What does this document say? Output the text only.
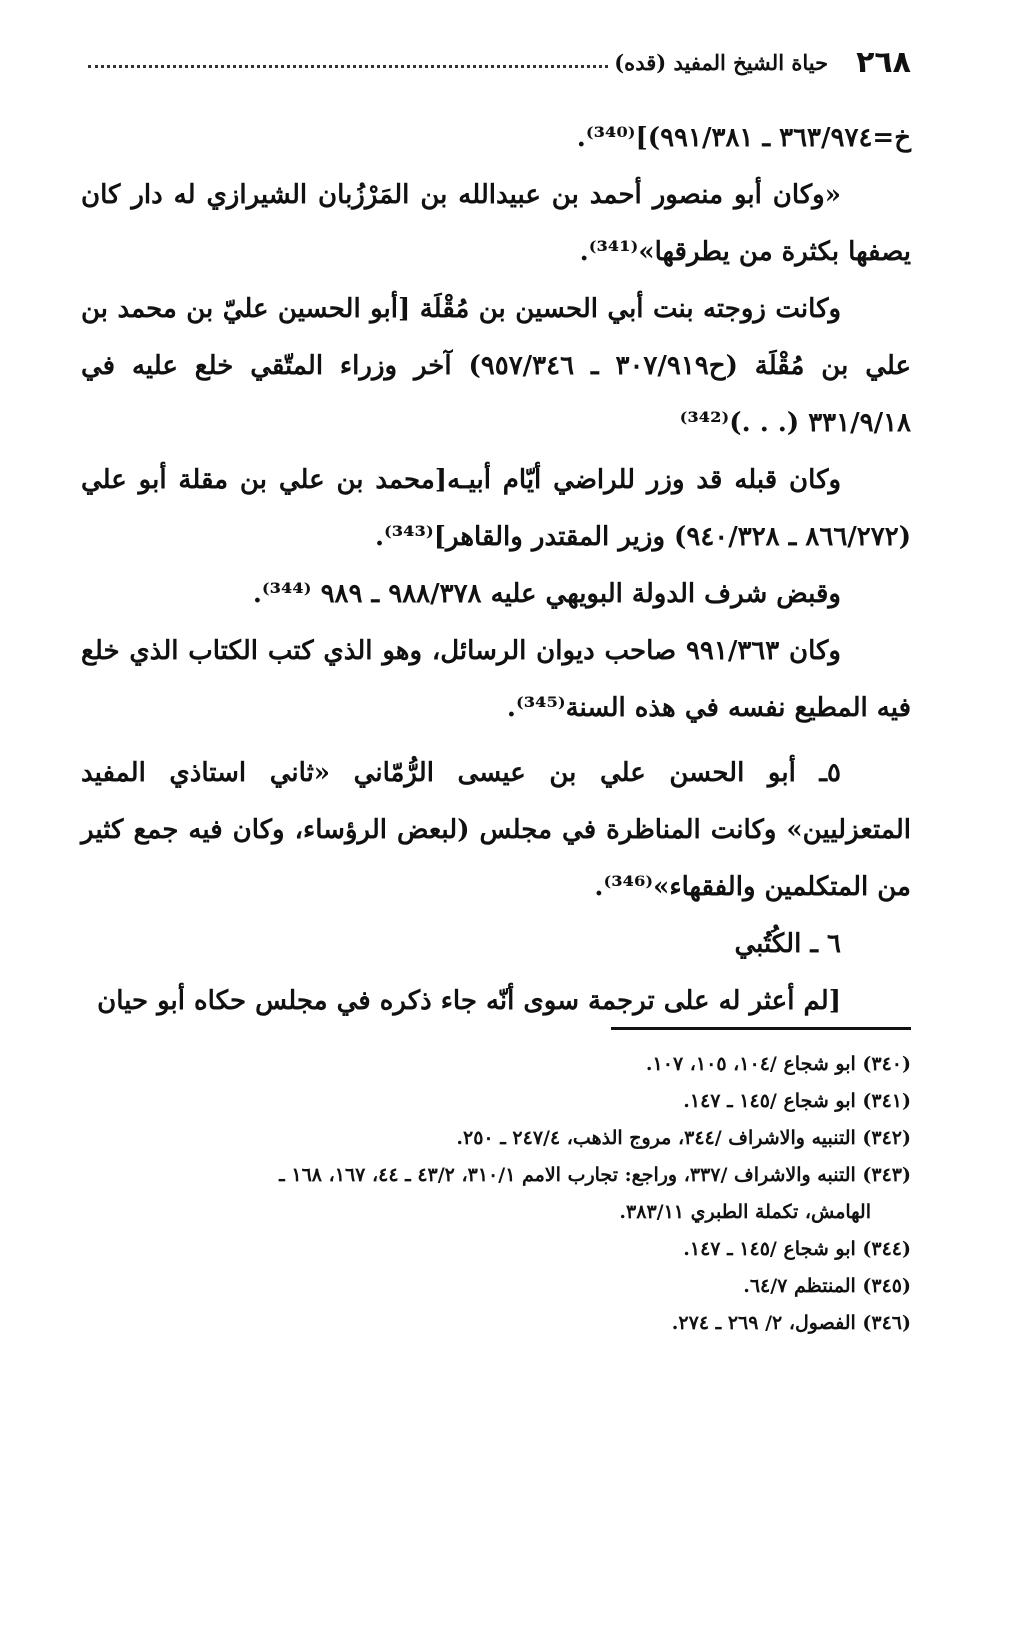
٢٦٨
حياة الشيخ المفيد (قده)

خ=٣٦٣/٩٧٤ ـ ٩٩١/٣٨١)]⁽³⁴⁰⁾.

«وكان أبو منصور أحمد بن عبيدالله بن المَرْزُبان الشيرازي له دار كان يصفها بكثرة من يطرقها»⁽³⁴¹⁾.

وكانت زوجته بنت أبي الحسين بن مُقْلَة [أبو الحسين عليّ بن محمد بن علي بن مُقْلَة (ح٣٠٧/٩١٩ ـ ٩٥٧/٣٤٦) آخر وزراء المتّقي خلع عليه في ٣٣١/٩/١٨ (. . .)⁽³⁴²⁾

وكان قبله قد وزر للراضي أيّام أبيـه[محمد بن علي بن مقلة أبو علي (٨٦٦/٢٧٢ ـ ٩٤٠/٣٢٨) وزير المقتدر والقاهر]⁽³⁴³⁾.

وقبض شرف الدولة البويهي عليه ٩٨٨/٣٧٨ ـ ٩٨٩ ⁽³⁴⁴⁾.

وكان ٩٩١/٣٦٣ صاحب ديوان الرسائل، وهو الذي كتب الكتاب الذي خلع فيه المطيع نفسه في هذه السنة⁽³⁴⁵⁾.

٥ـ أبو الحسن علي بن عيسى الرُّمّاني «ثاني استاذي المفيد المتعزليين» وكانت المناظرة في مجلس (لبعض الرؤساء، وكان فيه جمع كثير من المتكلمين والفقهاء»⁽³⁴⁶⁾.

٦ ـ الكُتُبي

[لم أعثر له على ترجمة سوى أنّه جاء ذكره في مجلس حكاه أبو حيان

(٣٤٠) ابو شجاع /١٠٤، ١٠٥، ١٠٧.

(٣٤١) ابو شجاع /١٤٥ ـ ١٤٧.

(٣٤٢) التنبيه والاشراف /٣٤٤، مروج الذهب، ٢٤٧/٤ ـ ٢٥٠.

(٣٤٣) التنبه والاشراف /٣٣٧، وراجع: تجارب الامم ٣١٠/١، ٤٣/٢ ـ ٤٤، ١٦٧، ١٦٨ ـ

الهامش، تكملة الطبري ٣٨٣/١١.

(٣٤٤) ابو شجاع /١٤٥ ـ ١٤٧.

(٣٤٥) المنتظم ٦٤/٧.

(٣٤٦) الفصول، ٢/ ٢٦٩ ـ ٢٧٤.
